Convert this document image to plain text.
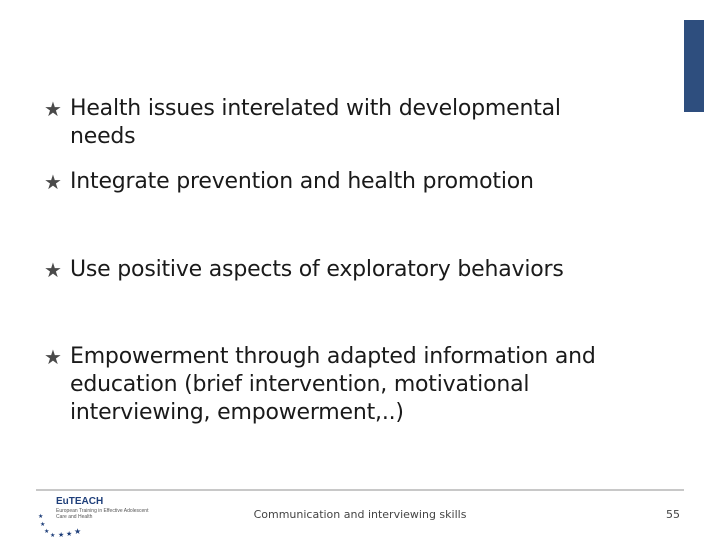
★ Health issues interelated with developmental
needs
★ Integrate prevention and health promotion
★ Use positive aspects of exploratory behaviors
★ Empowerment through adapted information and
education (brief intervention, motivational
interviewing, empowerment,..)
★
★
★
★ ★ ★ ★
EuTEACH
European Training in Effective Adolescent
Care and Health	Communication and interviewing skills	55
